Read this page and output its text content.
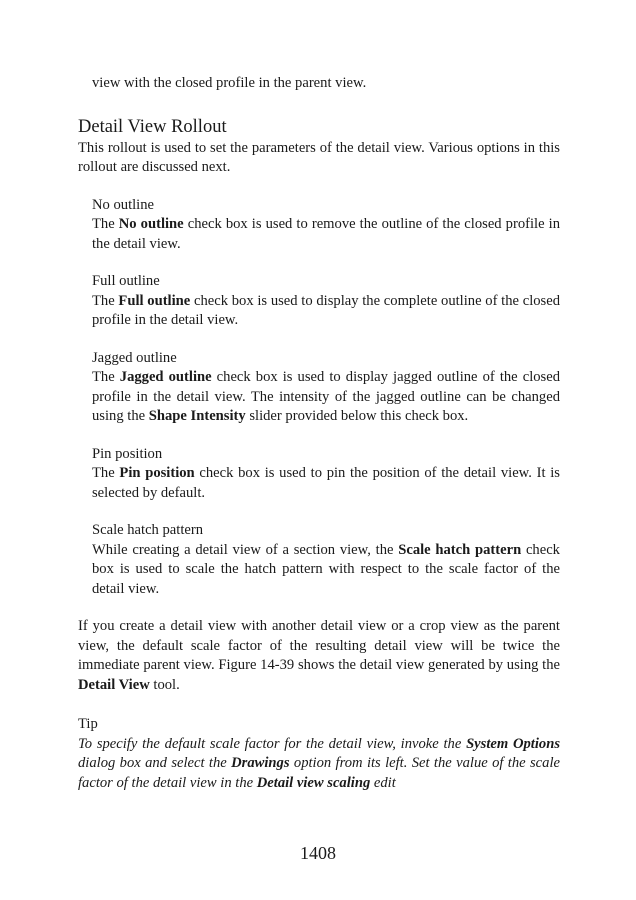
view with the closed profile in the parent view.

Detail View Rollout

This rollout is used to set the parameters of the detail view. Various options in this rollout are discussed next.

No outline

The No outline check box is used to remove the outline of the closed profile in the detail view.

Full outline

The Full outline check box is used to display the complete outline of the closed profile in the detail view.

Jagged outline

The Jagged outline check box is used to display jagged outline of the closed profile in the detail view. The intensity of the jagged outline can be changed using the Shape Intensity slider provided below this check box.

Pin position

The Pin position check box is used to pin the position of the detail view. It is selected by default.

Scale hatch pattern

While creating a detail view of a section view, the Scale hatch pattern check box is used to scale the hatch pattern with respect to the scale factor of the detail view.

If you create a detail view with another detail view or a crop view as the parent view, the default scale factor of the resulting detail view will be twice the immediate parent view. Figure 14-39 shows the detail view generated by using the Detail View tool.

Tip

To specify the default scale factor for the detail view, invoke the System Options dialog box and select the Drawings option from its left. Set the value of the scale factor of the detail view in the Detail view scaling edit

1408
